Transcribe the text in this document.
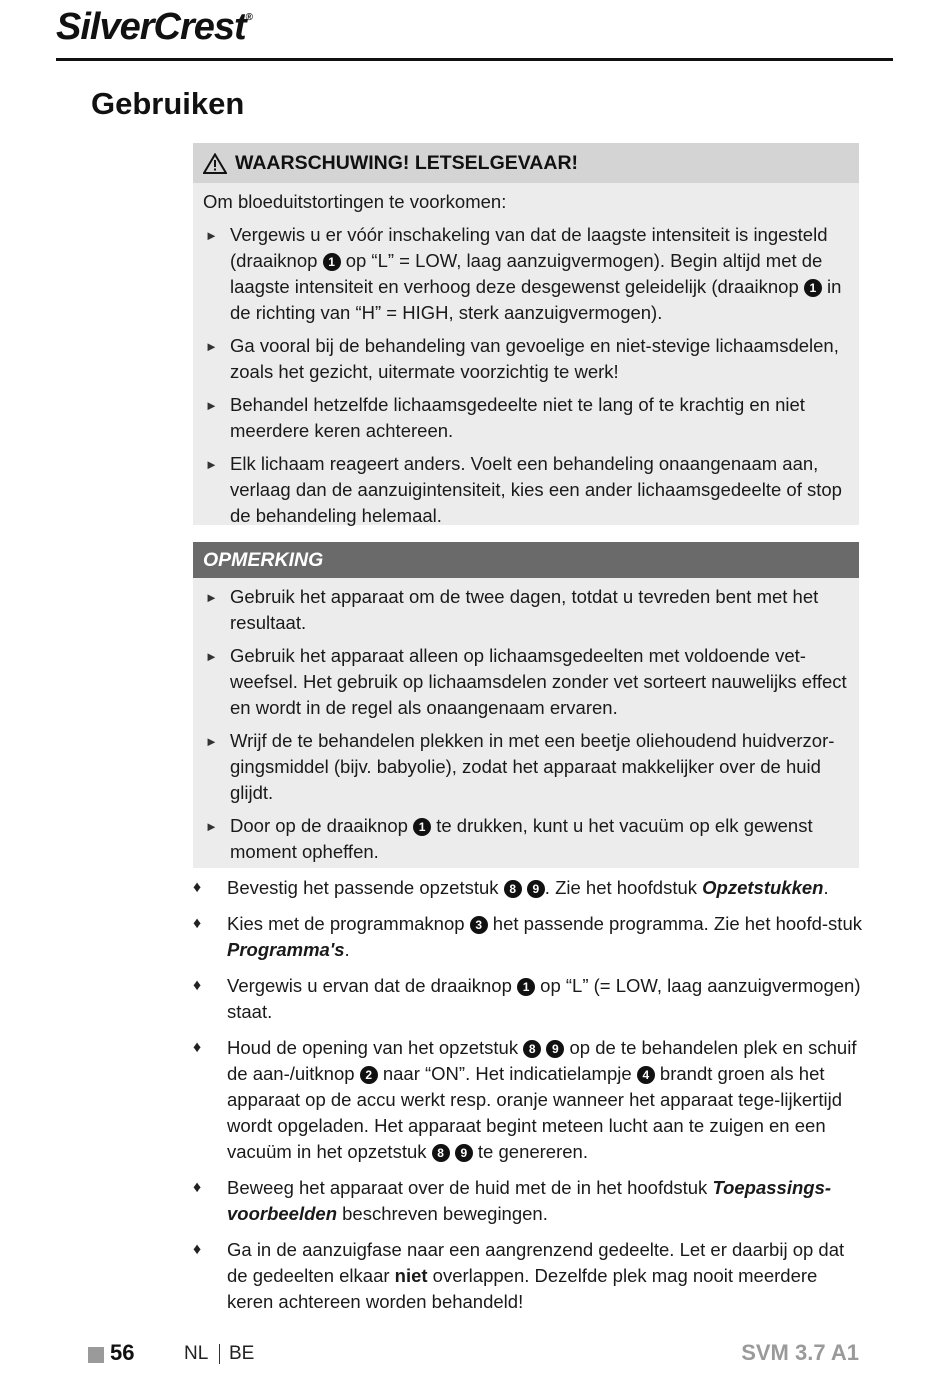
SilverCrest®
Gebruiken
WAARSCHUWING! LETSELGEVAAR!

Om bloeduitstortingen te voorkomen:

► Vergewis u er vóór inschakeling van dat de laagste intensiteit is ingesteld (draaiknop 1 op “L” = LOW, laag aanzuigvermogen). Begin altijd met de laagste intensiteit en verhoog deze desgewenst geleidelijk (draaiknop 1 in de richting van “H” = HIGH, sterk aanzuigvermogen).
► Ga vooral bij de behandeling van gevoelige en niet-stevige lichaamsdelen, zoals het gezicht, uitermate voorzichtig te werk!
► Behandel hetzelfde lichaamsgedeelte niet te lang of te krachtig en niet meerdere keren achtereen.
► Elk lichaam reageert anders. Voelt een behandeling onaangenaam aan, verlaag dan de aanzuigintensiteit, kies een ander lichaamsgedeelte of stop de behandeling helemaal.
OPMERKING
► Gebruik het apparaat om de twee dagen, totdat u tevreden bent met het resultaat.
► Gebruik het apparaat alleen op lichaamsgedeelten met voldoende vet-weefsel. Het gebruik op lichaamsdelen zonder vet sorteert nauwelijks effect en wordt in de regel als onaangenaam ervaren.
► Wrijf de te behandelen plekken in met een beetje oliehoudend huidverzor-gingsmiddel (bijv. babyolie), zodat het apparaat makkelijker over de huid glijdt.
► Door op de draaiknop 1 te drukken, kunt u het vacuüm op elk gewenst moment opheffen.
♦ Bevestig het passende opzetstuk 8 9 . Zie het hoofdstuk Opzetstukken.
♦ Kies met de programmaknop 3 het passende programma. Zie het hoofd-stuk Programma's.
♦ Vergewis u ervan dat de draaiknop 1 op “L” (= LOW, laag aanzuigvermogen) staat.
♦ Houd de opening van het opzetstuk 8 9 op de te behandelen plek en schuif de aan-/uitknop 2 naar “ON”. Het indicatielampje 4 brandt groen als het apparaat op de accu werkt resp. oranje wanneer het apparaat tege-lijkertijd wordt opgeladen. Het apparaat begint meteen lucht aan te zuigen en een vacuüm in het opzetstuk 8 9 te genereren.
♦ Beweeg het apparaat over de huid met de in het hoofdstuk Toepassings-voorbeelden beschreven bewegingen.
♦ Ga in de aanzuigfase naar een aangrenzend gedeelte. Let er daarbij op dat de gedeelten elkaar niet overlappen. Dezelfde plek mag nooit meerdere keren achtereen worden behandeld!
56	NL BE	SVM 3.7 A1
